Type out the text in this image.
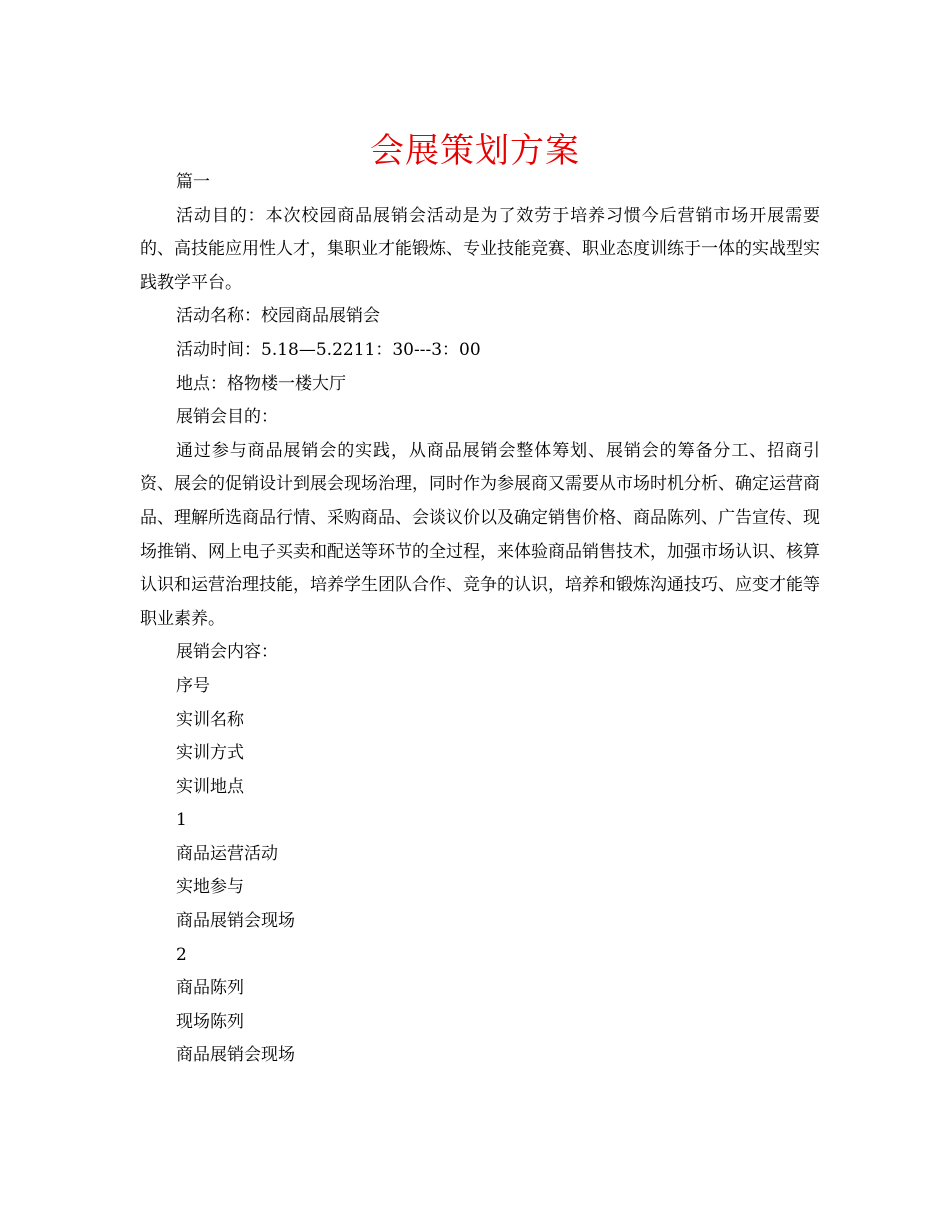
会展策划方案

篇一

活动目的：本次校园商品展销会活动是为了效劳于培养习惯今后营销市场开展需要的、高技能应用性人才，集职业才能锻炼、专业技能竞赛、职业态度训练于一体的实战型实践教学平台。

活动名称：校园商品展销会

活动时间：5.18—5.2211：30---3：00

地点：格物楼一楼大厅

展销会目的：

通过参与商品展销会的实践，从商品展销会整体筹划、展销会的筹备分工、招商引资、展会的促销设计到展会现场治理，同时作为参展商又需要从市场时机分析、确定运营商品、理解所选商品行情、采购商品、会谈议价以及确定销售价格、商品陈列、广告宣传、现场推销、网上电子买卖和配送等环节的全过程，来体验商品销售技术，加强市场认识、核算认识和运营治理技能，培养学生团队合作、竞争的认识，培养和锻炼沟通技巧、应变才能等职业素养。

展销会内容：

序号

实训名称

实训方式

实训地点

1

商品运营活动

实地参与

商品展销会现场

2

商品陈列

现场陈列

商品展销会现场
